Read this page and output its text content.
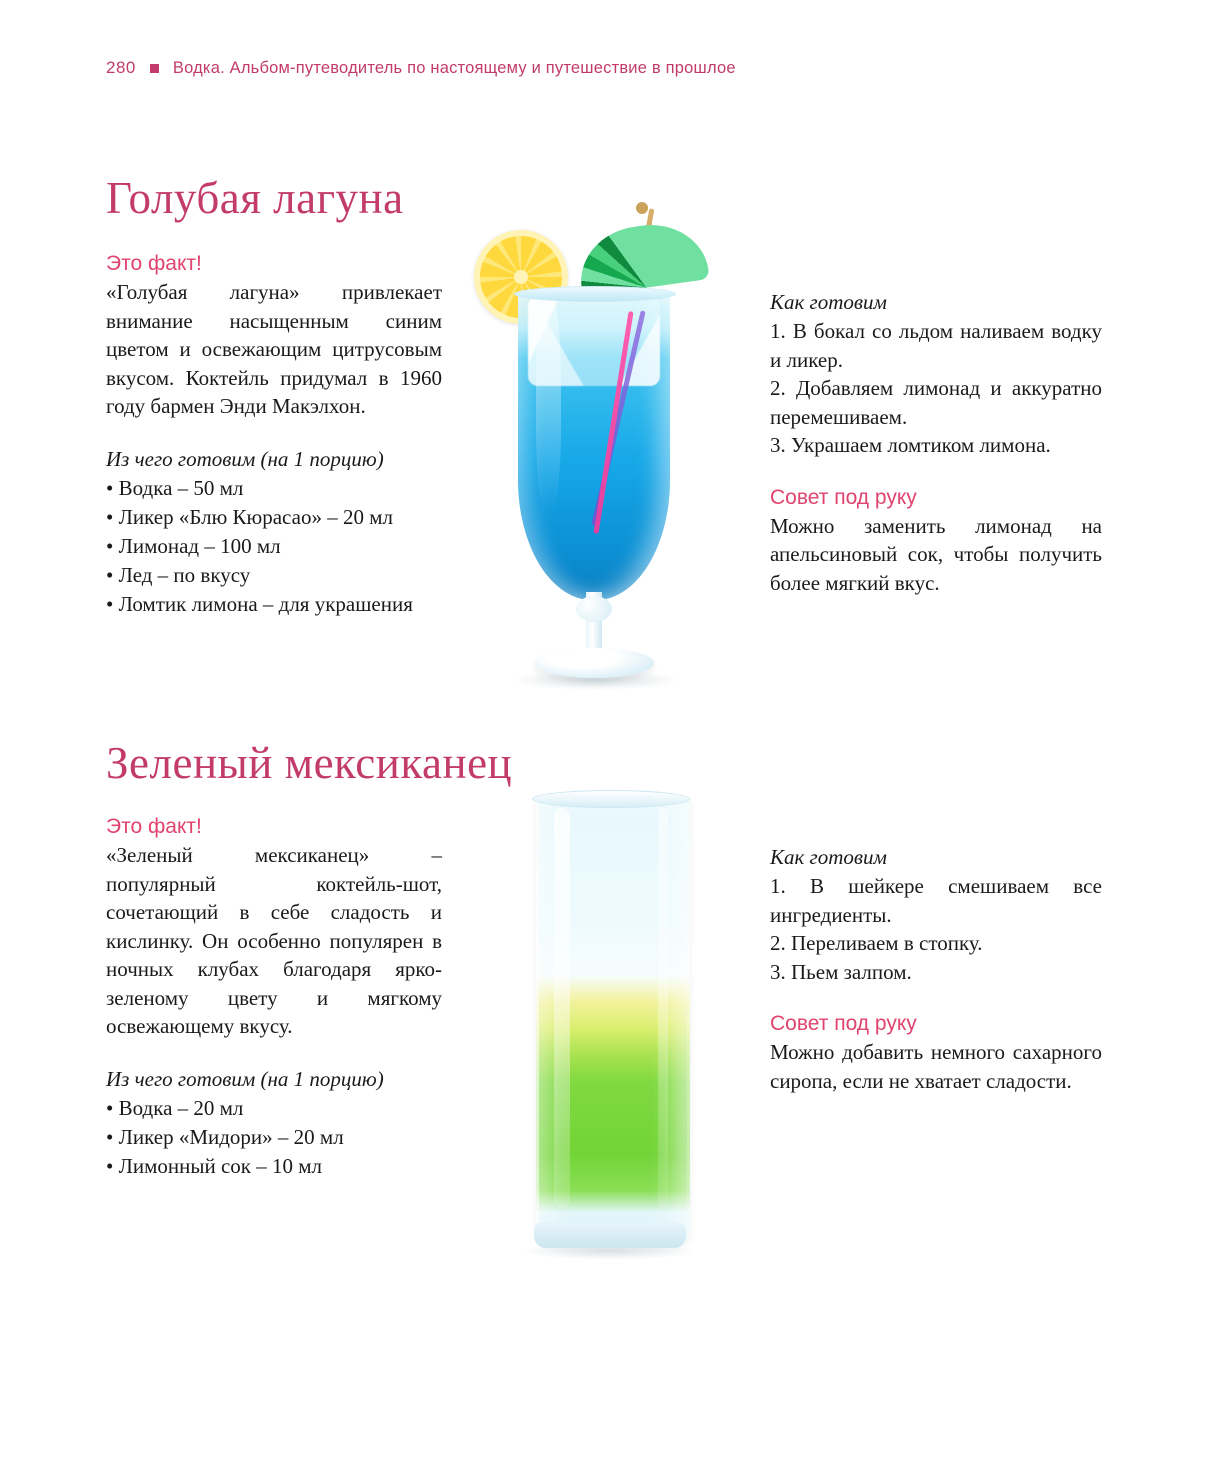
280 Водка. Альбом-путеводитель по настоящему и путешествие в прошлое
Голубая лагуна
Это факт!
«Голубая лагуна» привлекает внимание насыщенным синим цветом и освежающим цитрусовым вкусом. Коктейль придумал в 1960 году бармен Энди Макэлхон.
Из чего готовим (на 1 порцию)
• Водка – 50 мл
• Ликер «Блю Кюрасао» – 20 мл
• Лимонад – 100 мл
• Лед – по вкусу
• Ломтик лимона – для украшения
Как готовим
1. В бокал со льдом наливаем водку и ликер.
2. Добавляем лимонад и аккуратно перемешиваем.
3. Украшаем ломтиком лимона.
Совет под руку
Можно заменить лимонад на апельсиновый сок, чтобы получить более мягкий вкус.
Зеленый мексиканец
Это факт!
«Зеленый мексиканец» – популярный коктейль-шот, сочетающий в себе сладость и кислинку. Он особенно популярен в ночных клубах благодаря ярко-зеленому цвету и мягкому освежающему вкусу.
Из чего готовим (на 1 порцию)
• Водка – 20 мл
• Ликер «Мидори» – 20 мл
• Лимонный сок – 10 мл
Как готовим
1. В шейкере смешиваем все ингредиенты.
2. Переливаем в стопку.
3. Пьем залпом.
Совет под руку
Можно добавить немного сахарного сиропа, если не хватает сладости.
